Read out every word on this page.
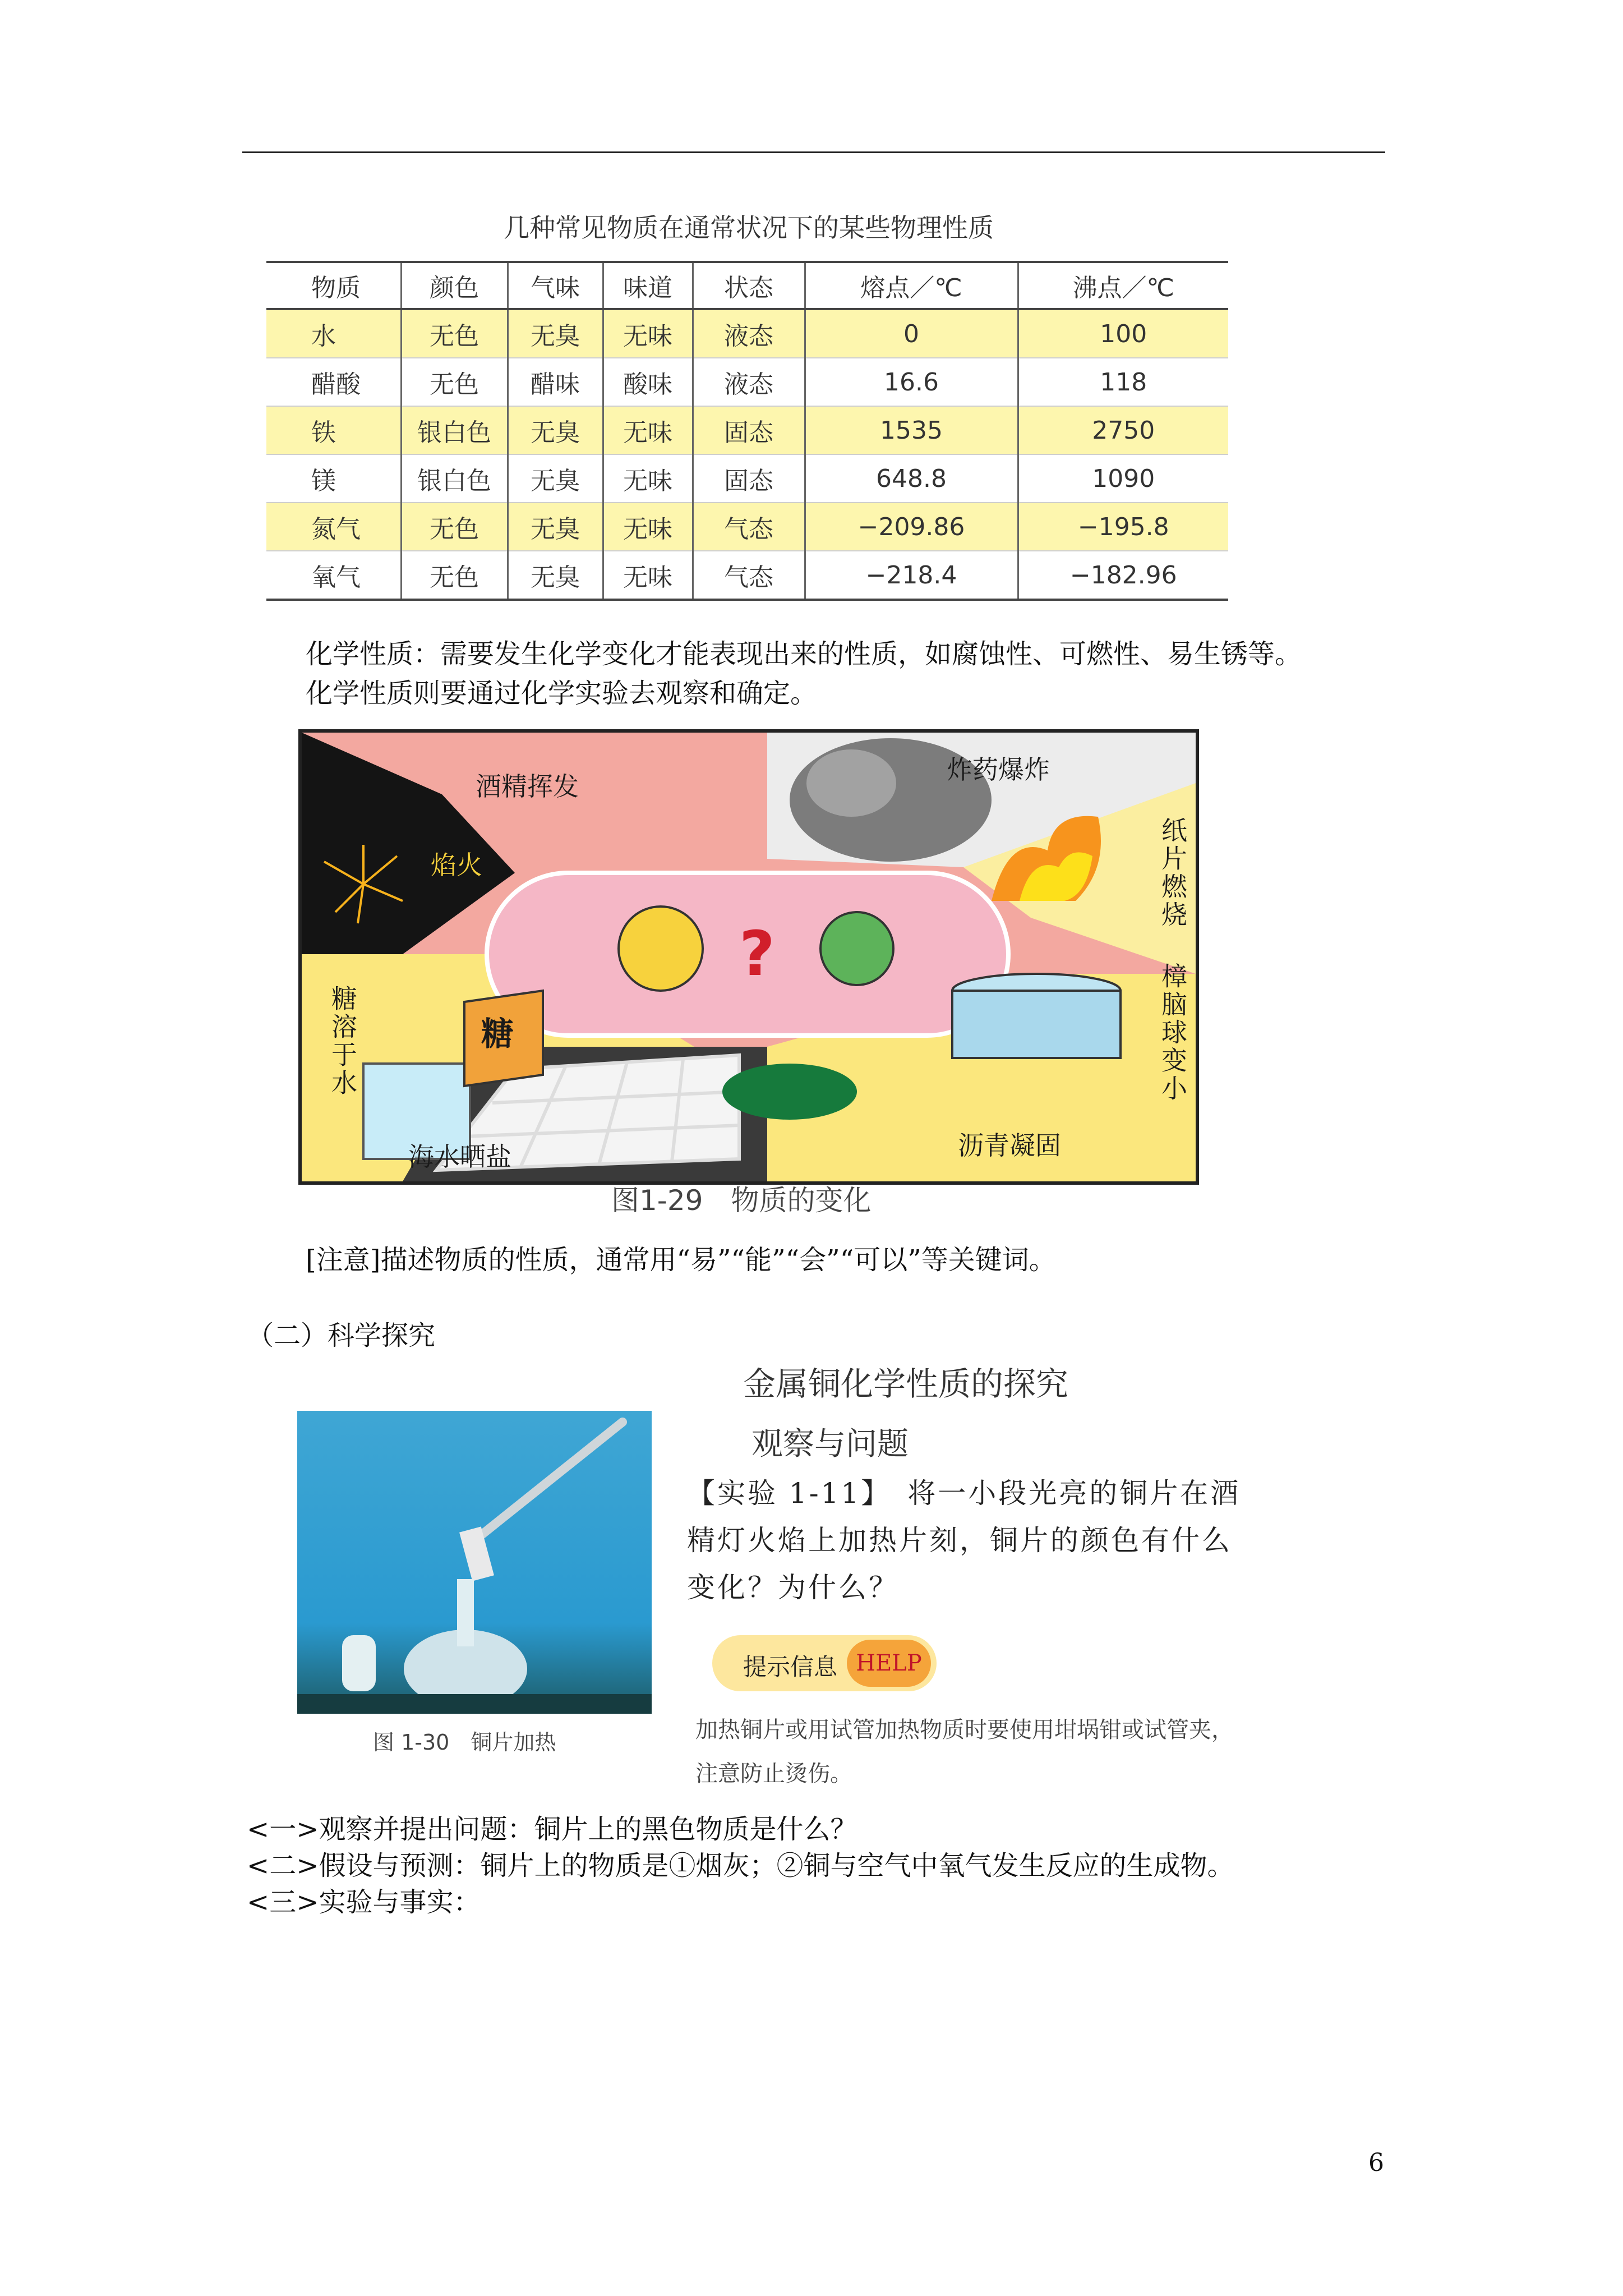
几种常见物质在通常状况下的某些物理性质
物质	颜色	气味	味道	状态	熔点／℃	沸点／℃
水	无色	无臭	无味	液态	0	100
醋酸	无色	醋味	酸味	液态	16.6	118
铁	银白色	无臭	无味	固态	1535	2750
镁	银白色	无臭	无味	固态	648.8	1090
氮气	无色	无臭	无味	气态	−209.86	−195.8
氧气	无色	无臭	无味	气态	−218.4	−182.96
化学性质：需要发生化学变化才能表现出来的性质，如腐蚀性、可燃性、易生锈等。
化学性质则要通过化学实验去观察和确定。
酒精挥发
炸药爆炸
焰火	纸片燃烧
糖溶于水	糖	樟脑球变小
海水晒盐	沥青凝固
?
图1-29　物质的变化
[注意]描述物质的性质，通常用“易”“能”“会”“可以”等关键词。
（二）科学探究
金属铜化学性质的探究
观察与问题
图 1-30　铜片加热
【实验 1-11】　将一小段光亮的铜片在酒精灯火焰上加热片刻，铜片的颜色有什么变化？为什么？
提示信息 HELP
加热铜片或用试管加热物质时要使用坩埚钳或试管夹，注意防止烫伤。
<一>观察并提出问题：铜片上的黑色物质是什么？
<二>假设与预测：铜片上的物质是①烟灰；②铜与空气中氧气发生反应的生成物。
<三>实验与事实：
6
